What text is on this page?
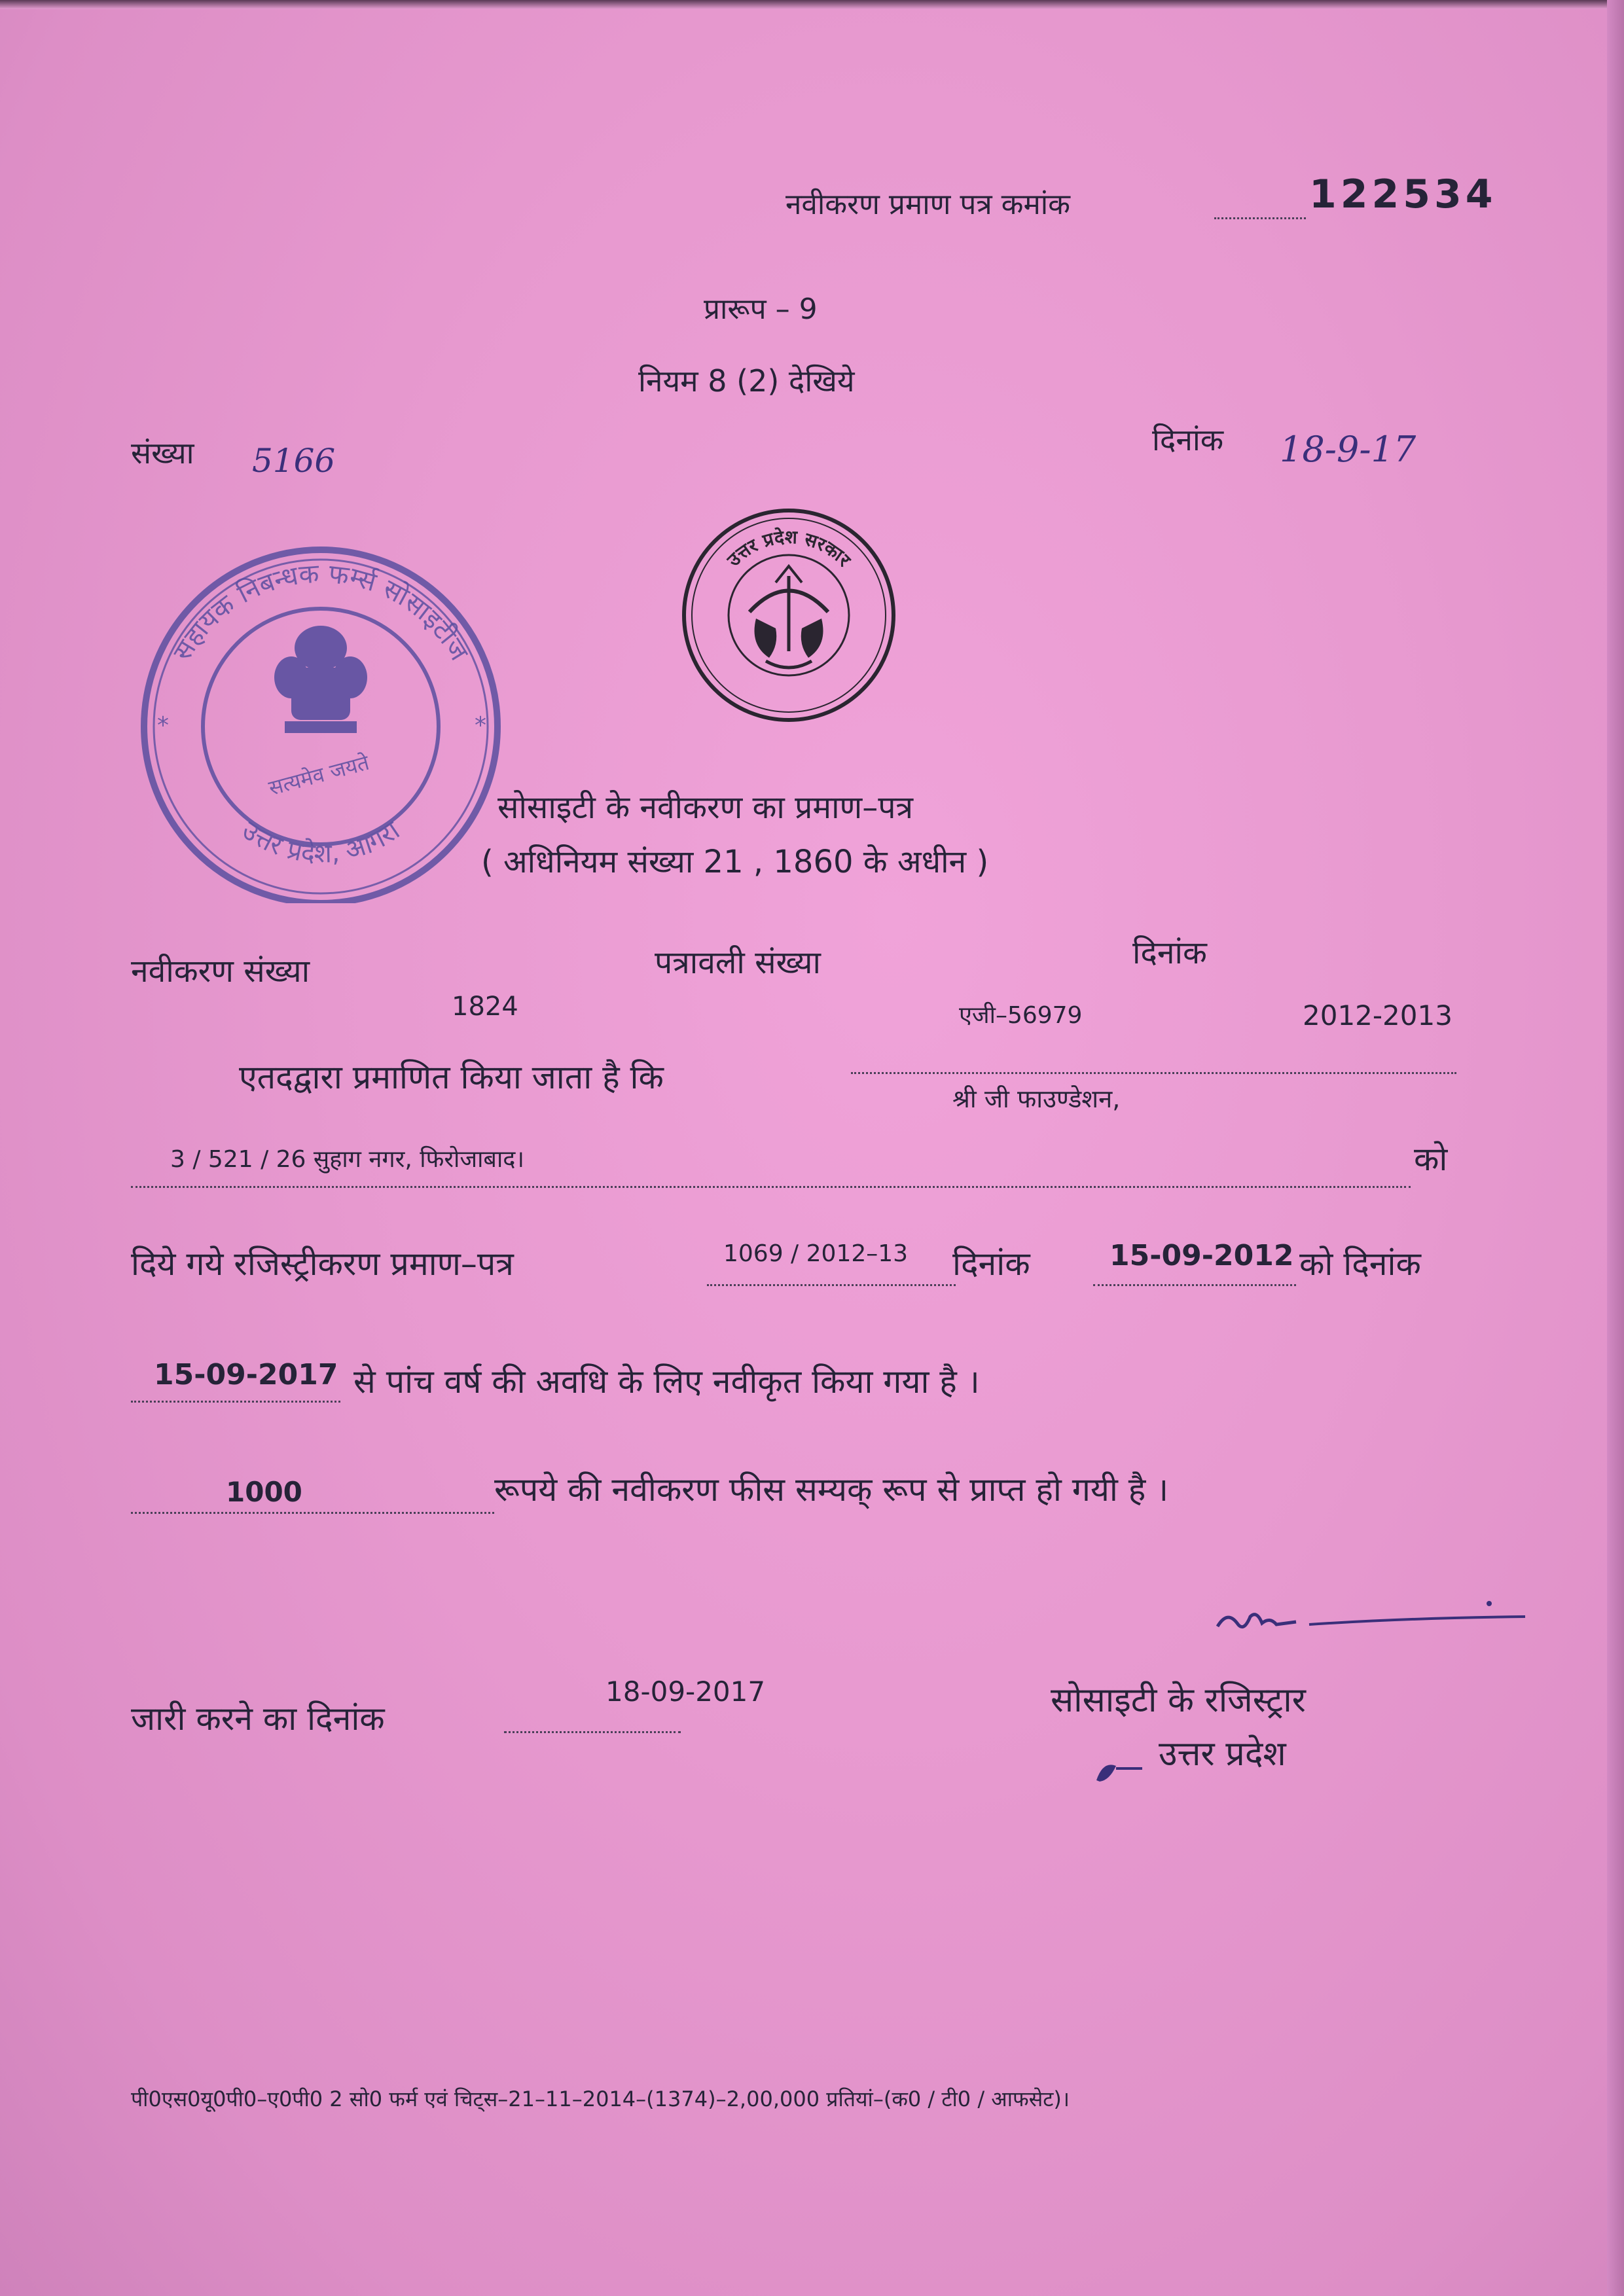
नवीकरण प्रमाण पत्र कमांक	122534
प्रारूप – 9
नियम 8 (2) देखिये
संख्या 5166
दिनांक 18-9-17
उत्तर प्रदेश सरकार
सहायक निबन्धक फर्म्स सोसाइटीज
उत्तर प्रदेश, आगरा
*	*
सत्यमेव जयते
सोसाइटी के नवीकरण का प्रमाण–पत्र
( अधिनियम संख्या 21 , 1860 के अधीन )
नवीकरण संख्या	पत्रावली संख्या	दिनांक
1824	एजी–56979	2012-2013
एतदद्वारा प्रमाणित किया जाता है कि
श्री जी फाउण्डेशन,
3 / 521 / 26 सुहाग नगर, फिरोजाबाद।	को
दिये गये रजिस्ट्रीकरण प्रमाण–पत्र	1069 / 2012–13 दिनांक	15-09-2012 को दिनांक
15-09-2017 से पांच वर्ष की अवधि के लिए नवीकृत किया गया है ।
1000	रूपये की नवीकरण फीस सम्यक् रूप से प्राप्त हो गयी है ।
जारी करने का दिनांक
18-09-2017	सोसाइटी के रजिस्ट्रार
उत्तर प्रदेश
पी0एस0यू0पी0–ए0पी0 2 सो0 फर्म एवं चिट्स–21–11–2014–(1374)–2,00,000 प्रतियां–(क0 / टी0 / आफसेट)।
